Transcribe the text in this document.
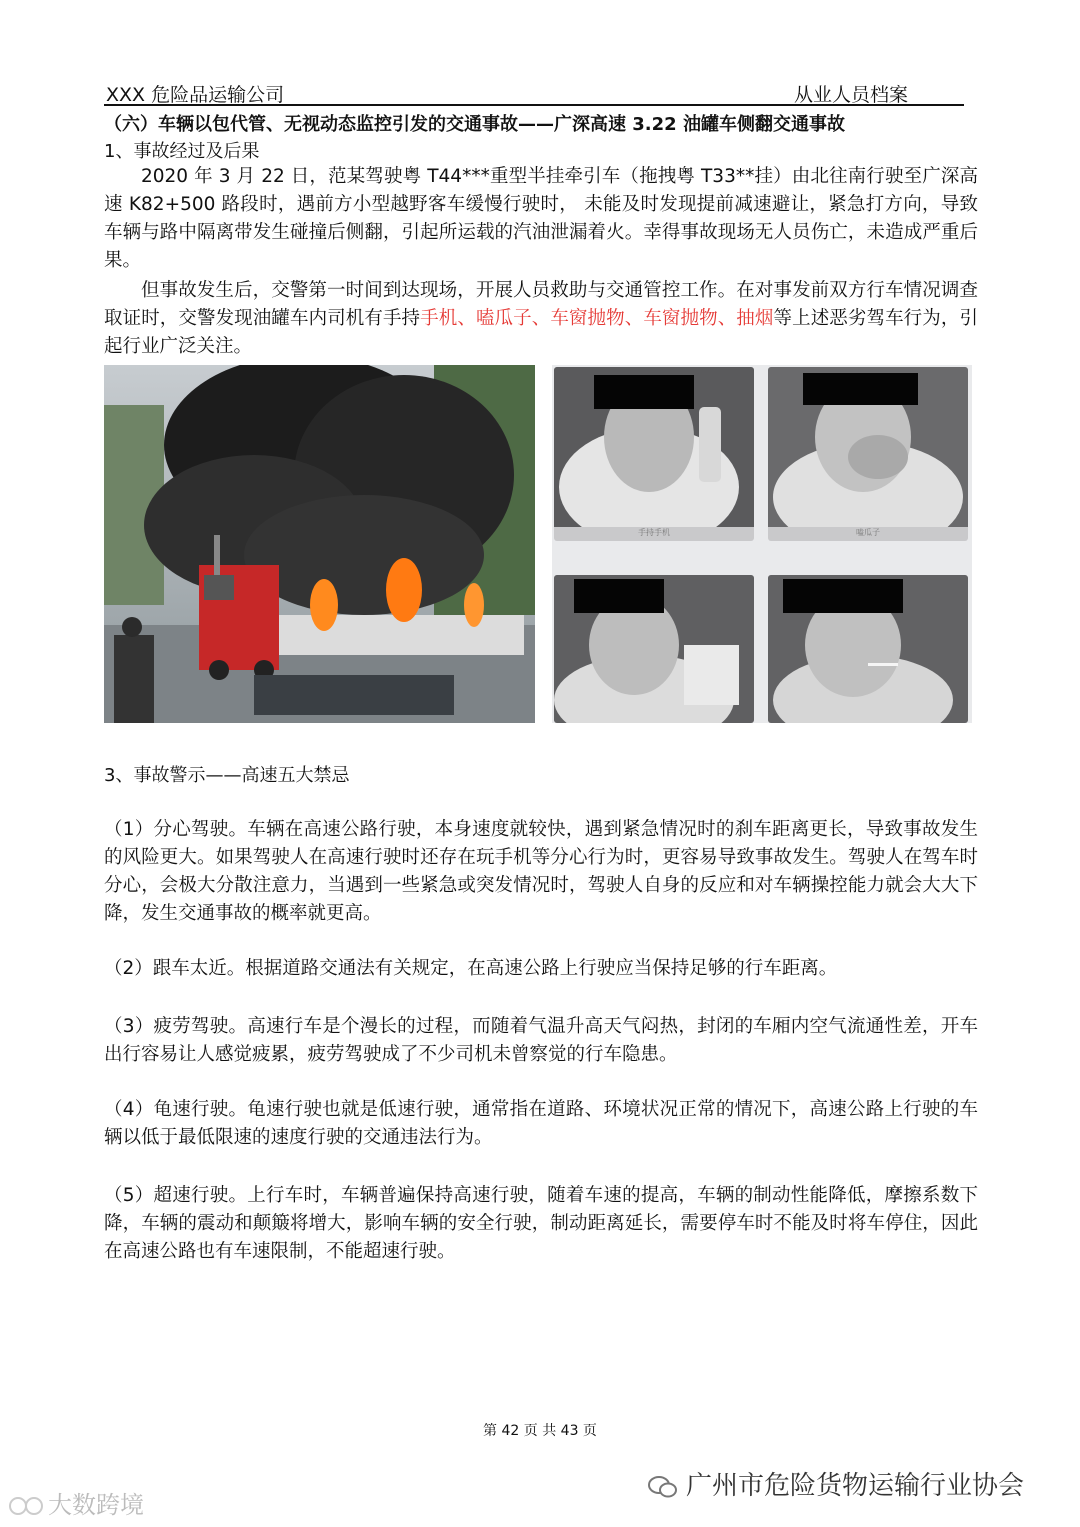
XXX 危险品运输公司	从业人员档案
（六）车辆以包代管、无视动态监控引发的交通事故——广深高速 3.22 油罐车侧翻交通事故
1、事故经过及后果

2020 年 3 月 22 日，范某驾驶粤 T44***重型半挂牵引车（拖拽粤 T33**挂）由北往南行驶至广深高速 K82+500 路段时，遇前方小型越野客车缓慢行驶时， 未能及时发现提前减速避让，紧急打方向，导致车辆与路中隔离带发生碰撞后侧翻，引起所运载的汽油泄漏着火。幸得事故现场无人员伤亡，未造成严重后果。

但事故发生后，交警第一时间到达现场，开展人员救助与交通管控工作。在对事发前双方行车情况调查取证时，交警发现油罐车内司机有手持手机、嗑瓜子、车窗抛物、车窗抛物、抽烟等上述恶劣驾车行为，引起行业广泛关注。

手持手机	嗑瓜子
3、事故警示——高速五大禁忌

（1）分心驾驶。车辆在高速公路行驶，本身速度就较快，遇到紧急情况时的刹车距离更长，导致事故发生的风险更大。如果驾驶人在高速行驶时还存在玩手机等分心行为时，更容易导致事故发生。驾驶人在驾车时分心，会极大分散注意力，当遇到一些紧急或突发情况时，驾驶人自身的反应和对车辆操控能力就会大大下降，发生交通事故的概率就更高。

（2）跟车太近。根据道路交通法有关规定，在高速公路上行驶应当保持足够的行车距离。

（3）疲劳驾驶。高速行车是个漫长的过程，而随着气温升高天气闷热，封闭的车厢内空气流通性差，开车出行容易让人感觉疲累，疲劳驾驶成了不少司机未曾察觉的行车隐患。

（4）龟速行驶。龟速行驶也就是低速行驶，通常指在道路、环境状况正常的情况下，高速公路上行驶的车辆以低于最低限速的速度行驶的交通违法行为。

（5）超速行驶。上行车时，车辆普遍保持高速行驶，随着车速的提高，车辆的制动性能降低，摩擦系数下降，车辆的震动和颠簸将增大，影响车辆的安全行驶，制动距离延长，需要停车时不能及时将车停住，因此在高速公路也有车速限制，不能超速行驶。

第 42 页 共 43 页
广州市危险货物运输行业协会
大数跨境
